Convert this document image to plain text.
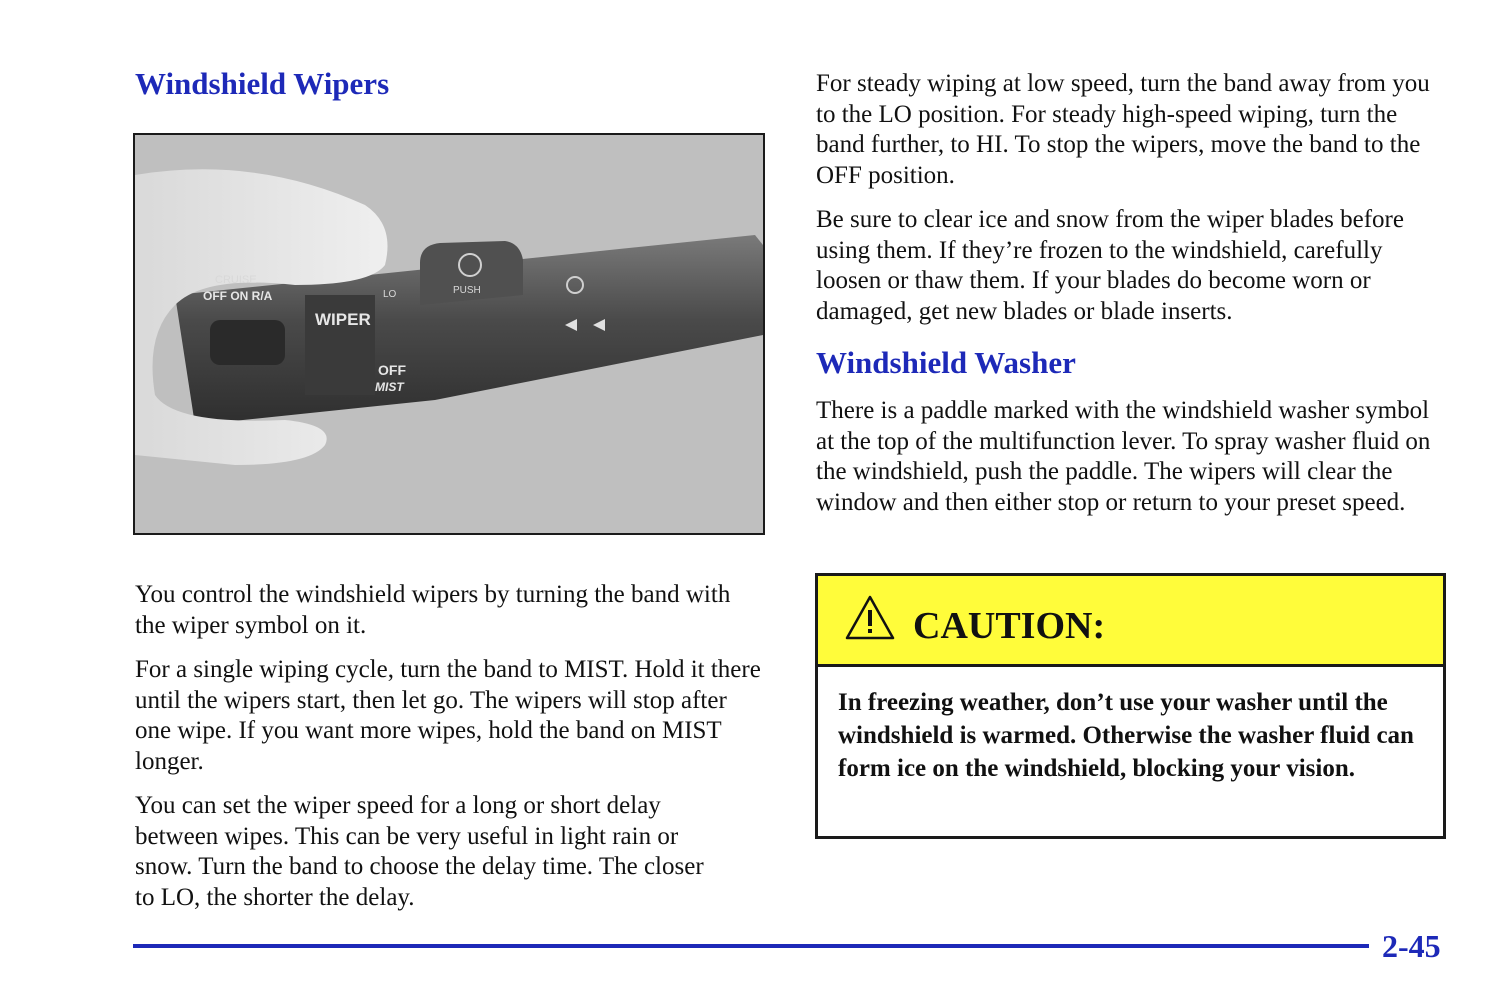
Windshield Wipers
CRUISE
OFF ON R/A
WIPER
PUSH
OFF
MIST
LO

You control the windshield wipers by turning the band with the wiper symbol on it.

For a single wiping cycle, turn the band to MIST. Hold it there until the wipers start, then let go. The wipers will stop after one wipe. If you want more wipes, hold the band on MIST longer.

You can set the wiper speed for a long or short delay between wipes. This can be very useful in light rain or snow. Turn the band to choose the delay time. The closer to LO, the shorter the delay.

For steady wiping at low speed, turn the band away from you to the LO position. For steady high‑speed wiping, turn the band further, to HI. To stop the wipers, move the band to the OFF position.

Be sure to clear ice and snow from the wiper blades before using them. If they’re frozen to the windshield, carefully loosen or thaw them. If your blades do become worn or damaged, get new blades or blade inserts.

Windshield Washer

There is a paddle marked with the windshield washer symbol at the top of the multifunction lever. To spray washer fluid on the windshield, push the paddle. The wipers will clear the window and then either stop or return to your preset speed.

CAUTION:

In freezing weather, don’t use your washer until the windshield is warmed. Otherwise the washer fluid can form ice on the windshield, blocking your vision.

2-45
